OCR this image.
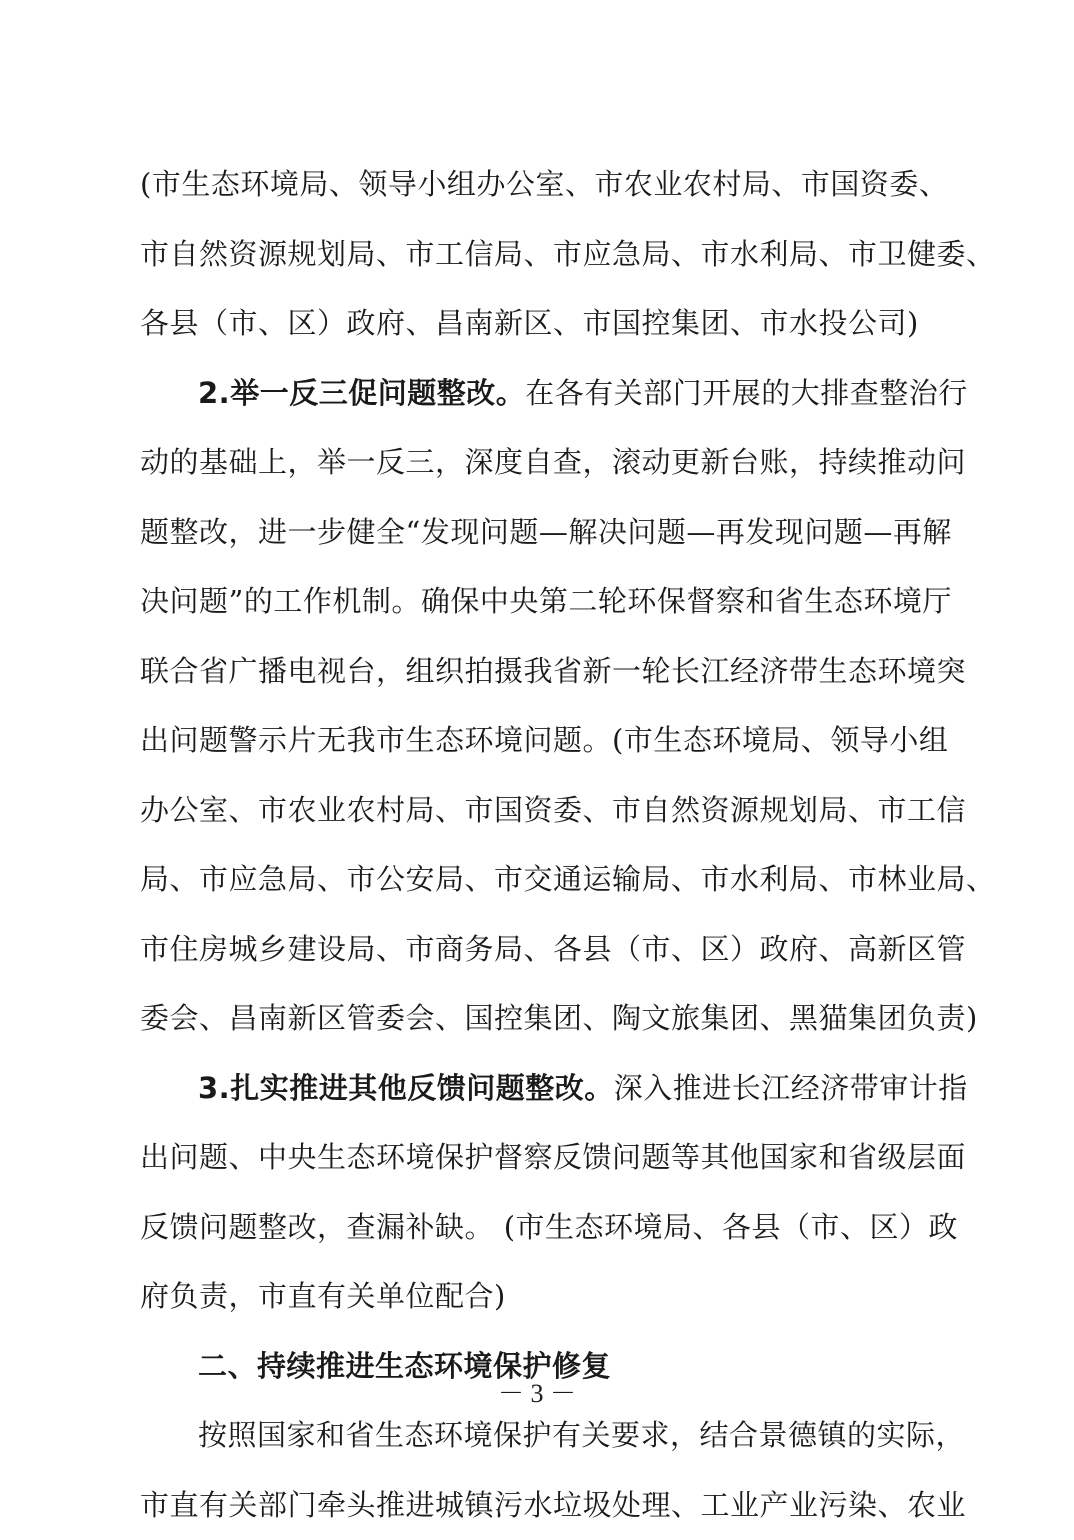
(市生态环境局、领导小组办公室、市农业农村局、市国资委、
市自然资源规划局、市工信局、市应急局、市水利局、市卫健委、
各县（市、区）政府、昌南新区、市国控集团、市水投公司)
2.举一反三促问题整改。在各有关部门开展的大排查整治行
动的基础上，举一反三，深度自查，滚动更新台账，持续推动问
题整改，进一步健全“发现问题—解决问题—再发现问题—再解
决问题”的工作机制。确保中央第二轮环保督察和省生态环境厅
联合省广播电视台，组织拍摄我省新一轮长江经济带生态环境突
出问题警示片无我市生态环境问题。(市生态环境局、领导小组
办公室、市农业农村局、市国资委、市自然资源规划局、市工信
局、市应急局、市公安局、市交通运输局、市水利局、市林业局、
市住房城乡建设局、市商务局、各县（市、区）政府、高新区管
委会、昌南新区管委会、国控集团、陶文旅集团、黑猫集团负责)
3.扎实推进其他反馈问题整改。深入推进长江经济带审计指
出问题、中央生态环境保护督察反馈问题等其他国家和省级层面
反馈问题整改，查漏补缺。 (市生态环境局、各县（市、区）政
府负责，市直有关单位配合)
二、持续推进生态环境保护修复
按照国家和省生态环境保护有关要求，结合景德镇的实际，
市直有关部门牵头推进城镇污水垃圾处理、工业产业污染、农业
－ 3 －
